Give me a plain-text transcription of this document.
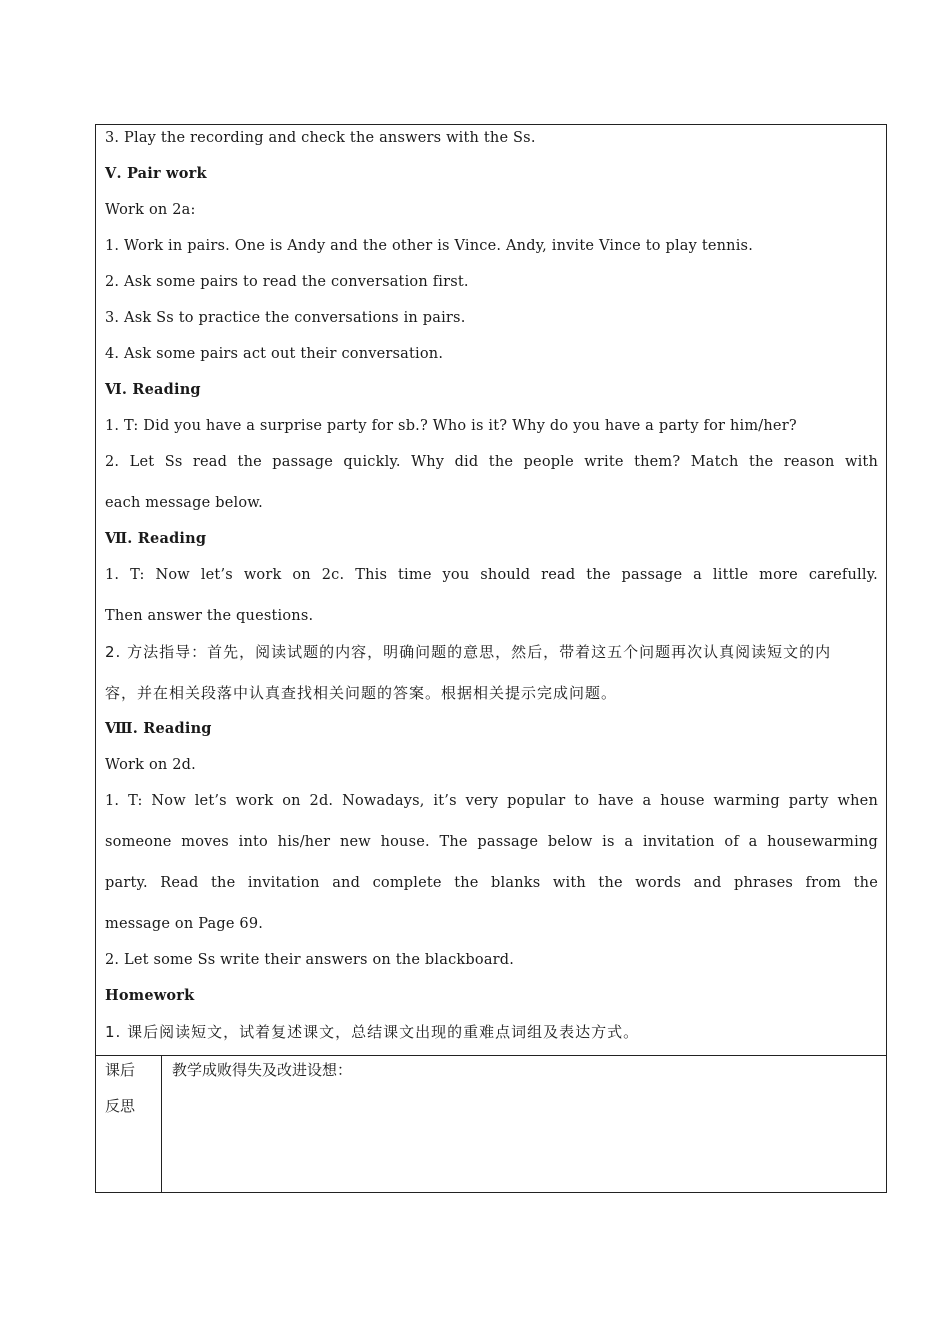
3. Play the recording and check the answers with the Ss.
Ⅴ. Pair work
Work on 2a:
1. Work in pairs. One is Andy and the other is Vince. Andy, invite Vince to play tennis.
2. Ask some pairs to read the conversation first.
3. Ask Ss to practice the conversations in pairs.
4. Ask some pairs act out their conversation.
Ⅵ. Reading
1. T: Did you have a surprise party for sb.? Who is it? Why do you have a party for him/her?
2. Let Ss read the passage quickly. Why did the people write them? Match the reason with
each message below.
Ⅶ. Reading
1. T: Now let’s work on 2c. This time you should read the passage a little more carefully.
Then answer the questions.
2. 方法指导：首先，阅读试题的内容，明确问题的意思，然后，带着这五个问题再次认真阅读短文的内
容，并在相关段落中认真查找相关问题的答案。根据相关提示完成问题。
Ⅷ. Reading
Work on 2d.
1. T: Now let’s work on 2d. Nowadays, it’s very popular to have a house warming party when
someone moves into his/her new house. The passage below is a invitation of a housewarming
party. Read the invitation and complete the blanks with the words and phrases from the
message on Page 69.
2. Let some Ss write their answers on the blackboard.
Homework
1. 课后阅读短文，试着复述课文，总结课文出现的重难点词组及表达方式。
课后
反思
教学成败得失及改进设想：
